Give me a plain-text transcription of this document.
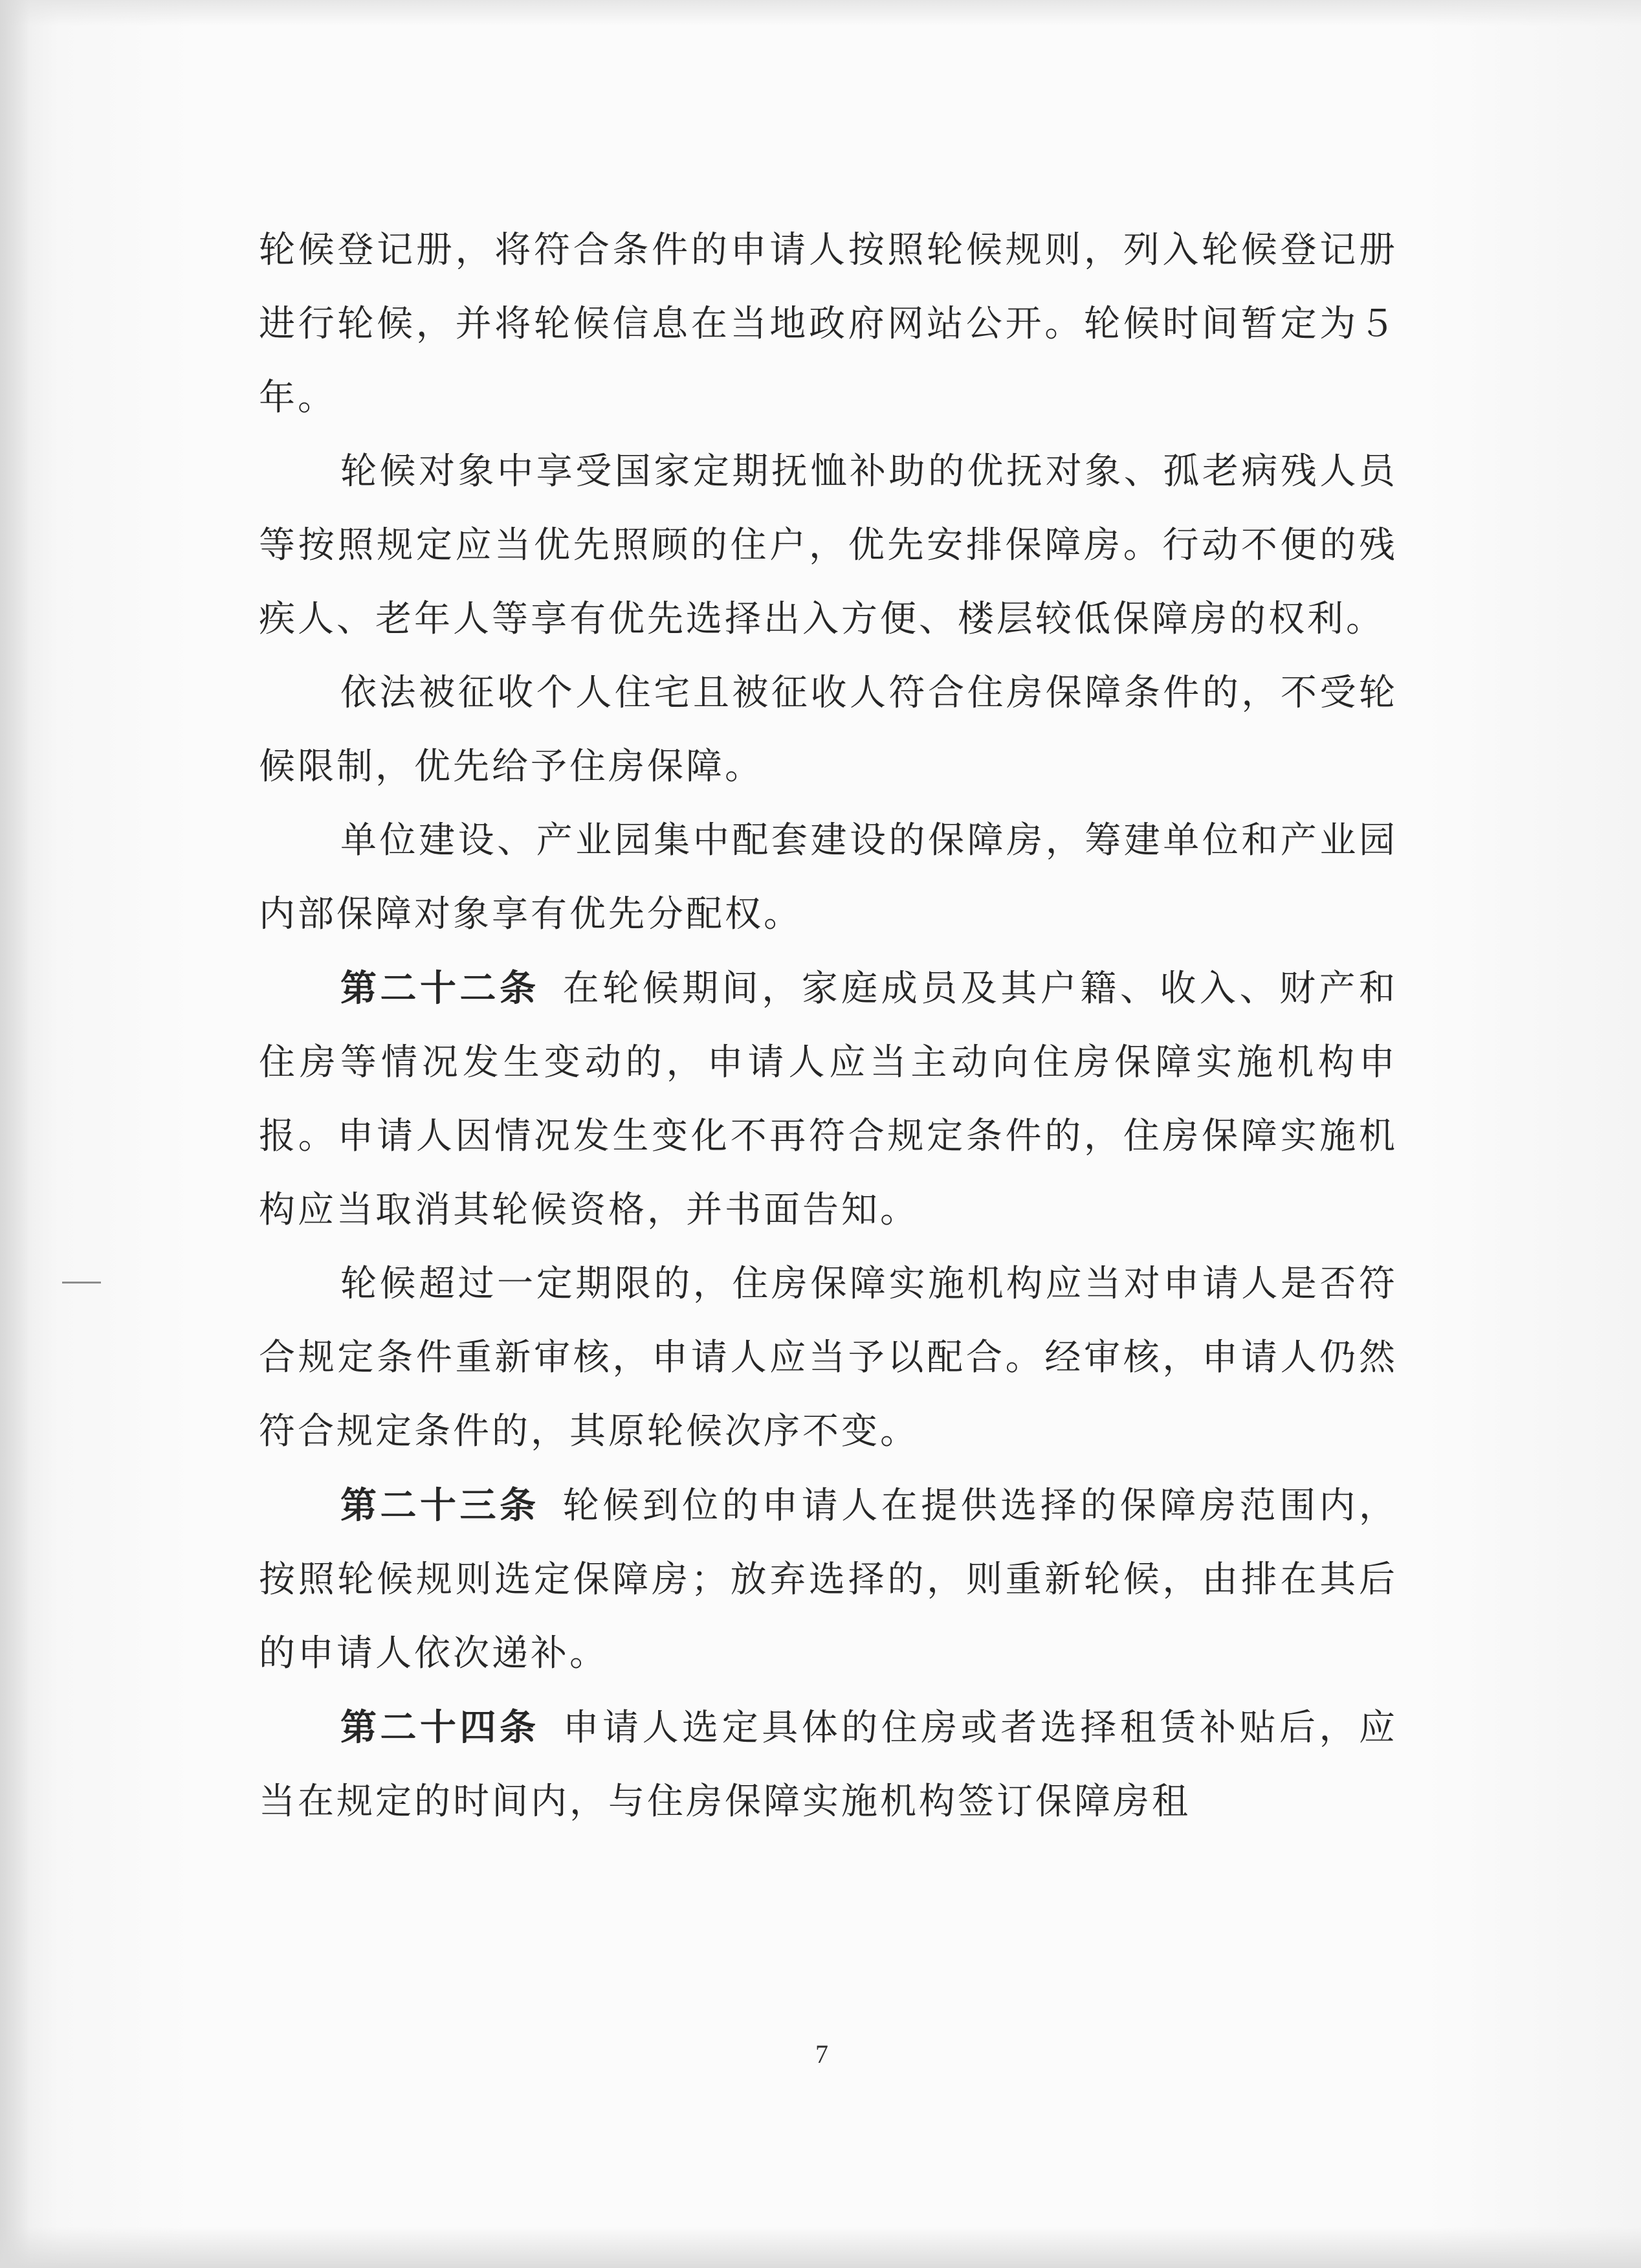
轮候登记册，将符合条件的申请人按照轮候规则，列入轮候登记册进行轮候，并将轮候信息在当地政府网站公开。轮候时间暂定为５年。

轮候对象中享受国家定期抚恤补助的优抚对象、孤老病残人员等按照规定应当优先照顾的住户，优先安排保障房。行动不便的残疾人、老年人等享有优先选择出入方便、楼层较低保障房的权利。

依法被征收个人住宅且被征收人符合住房保障条件的，不受轮候限制，优先给予住房保障。

单位建设、产业园集中配套建设的保障房，筹建单位和产业园内部保障对象享有优先分配权。

第二十二条 在轮候期间，家庭成员及其户籍、收入、财产和住房等情况发生变动的，申请人应当主动向住房保障实施机构申报。申请人因情况发生变化不再符合规定条件的，住房保障实施机构应当取消其轮候资格，并书面告知。

轮候超过一定期限的，住房保障实施机构应当对申请人是否符合规定条件重新审核，申请人应当予以配合。经审核，申请人仍然符合规定条件的，其原轮候次序不变。

第二十三条 轮候到位的申请人在提供选择的保障房范围内，按照轮候规则选定保障房；放弃选择的，则重新轮候，由排在其后的申请人依次递补。

第二十四条 申请人选定具体的住房或者选择租赁补贴后，应当在规定的时间内，与住房保障实施机构签订保障房租

7
